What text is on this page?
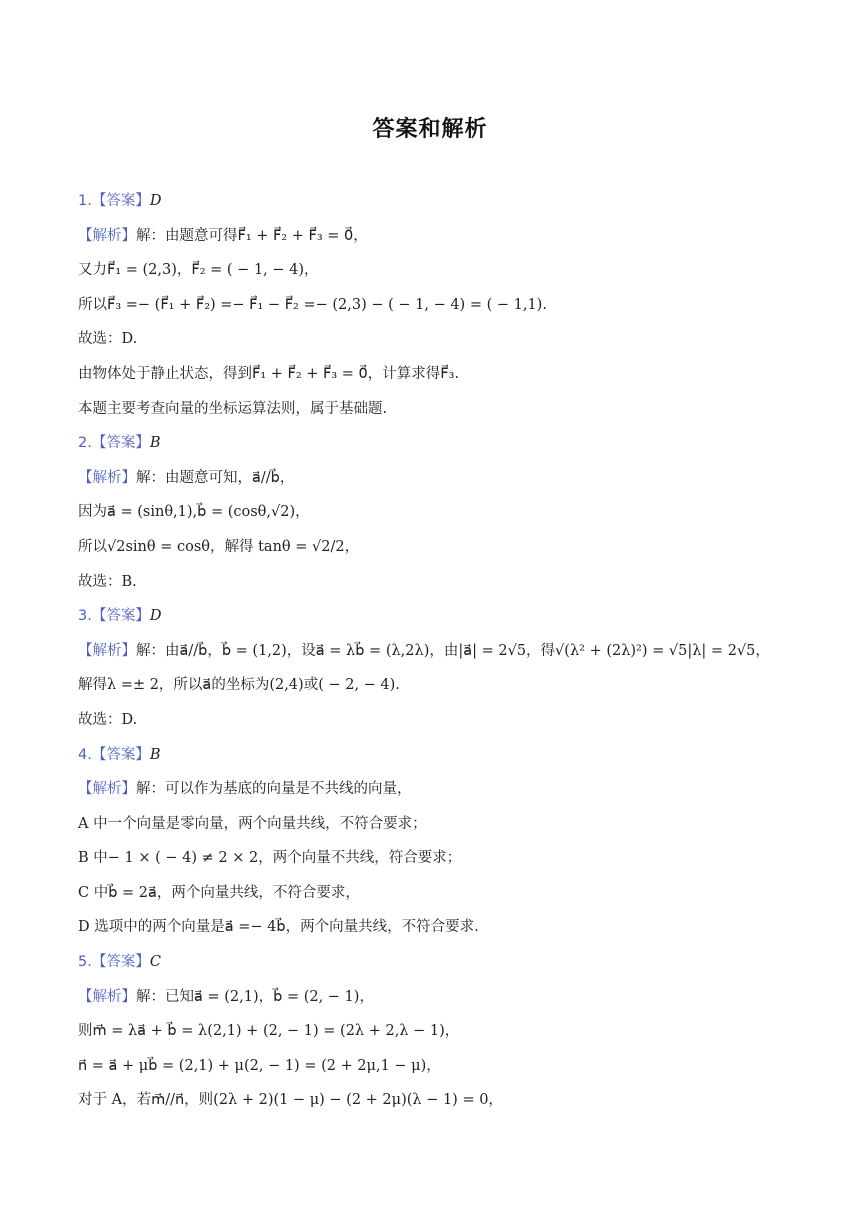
答案和解析
1.【答案】D
【解析】解：由题意可得F⃗₁ + F⃗₂ + F⃗₃ = 0⃗，
又力F⃗₁ = (2,3)，F⃗₂ = ( − 1, − 4)，
所以F⃗₃ =− (F⃗₁ + F⃗₂) =− F⃗₁ − F⃗₂ =− (2,3) − ( − 1, − 4) = ( − 1,1).
故选：D.
由物体处于静止状态，得到F⃗₁ + F⃗₂ + F⃗₃ = 0⃗，计算求得F⃗₃.
本题主要考查向量的坐标运算法则，属于基础题.
2.【答案】B
【解析】解：由题意可知，a⃗//b⃗，
因为a⃗ = (sinθ,1),b⃗ = (cosθ,√2)，
所以√2sinθ = cosθ，解得 tanθ = √2/2，
故选：B.
3.【答案】D
【解析】解：由a⃗//b⃗，b⃗ = (1,2)，设a⃗ = λb⃗ = (λ,2λ)，由|a⃗| = 2√5，得√(λ² + (2λ)²) = √5|λ| = 2√5，
解得λ =± 2，所以a⃗的坐标为(2,4)或( − 2, − 4).
故选：D.
4.【答案】B
【解析】解：可以作为基底的向量是不共线的向量，
A 中一个向量是零向量，两个向量共线，不符合要求；
B 中− 1 × ( − 4) ≠ 2 × 2，两个向量不共线，符合要求；
C 中b⃗ = 2a⃗，两个向量共线，不符合要求，
D 选项中的两个向量是a⃗ =− 4b⃗，两个向量共线，不符合要求.
5.【答案】C
【解析】解：已知a⃗ = (2,1)，b⃗ = (2, − 1)，
则m⃗ = λa⃗ + b⃗ = λ(2,1) + (2, − 1) = (2λ + 2,λ − 1)，
n⃗ = a⃗ + μb⃗ = (2,1) + μ(2, − 1) = (2 + 2μ,1 − μ)，
对于 A，若m⃗//n⃗，则(2λ + 2)(1 − μ) − (2 + 2μ)(λ − 1) = 0，
